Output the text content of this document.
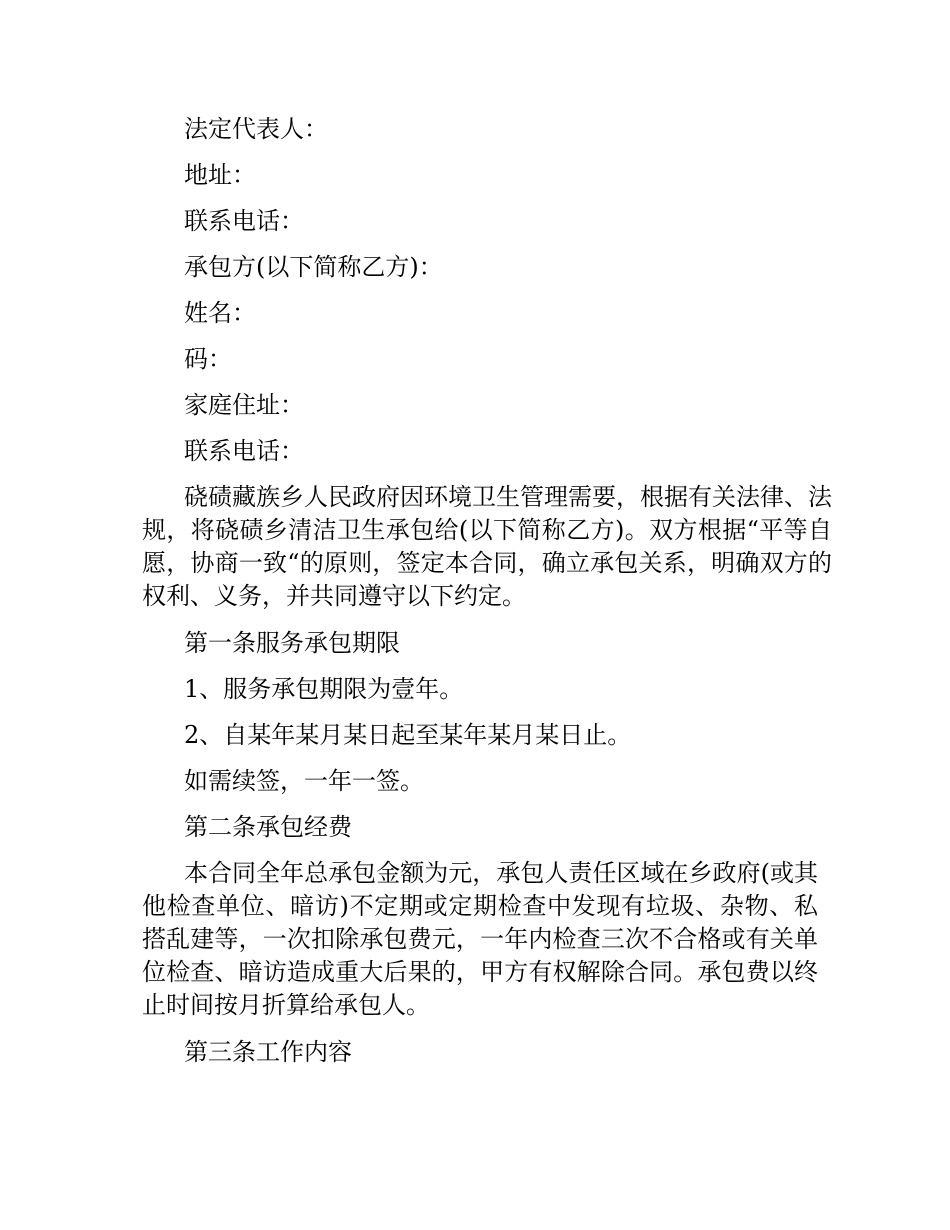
法定代表人：

地址：

联系电话：

承包方(以下简称乙方)：

姓名：

码：

家庭住址：

联系电话：

硗碛藏族乡人民政府因环境卫生管理需要，根据有关法律、法规，将硗碛乡清洁卫生承包给(以下简称乙方)。双方根据“平等自愿，协商一致“的原则，签定本合同，确立承包关系，明确双方的权利、义务，并共同遵守以下约定。

第一条服务承包期限

1、服务承包期限为壹年。

2、自某年某月某日起至某年某月某日止。

如需续签，一年一签。

第二条承包经费

本合同全年总承包金额为元，承包人责任区域在乡政府(或其他检查单位、暗访)不定期或定期检查中发现有垃圾、杂物、私搭乱建等，一次扣除承包费元，一年内检查三次不合格或有关单位检查、暗访造成重大后果的，甲方有权解除合同。承包费以终止时间按月折算给承包人。

第三条工作内容
